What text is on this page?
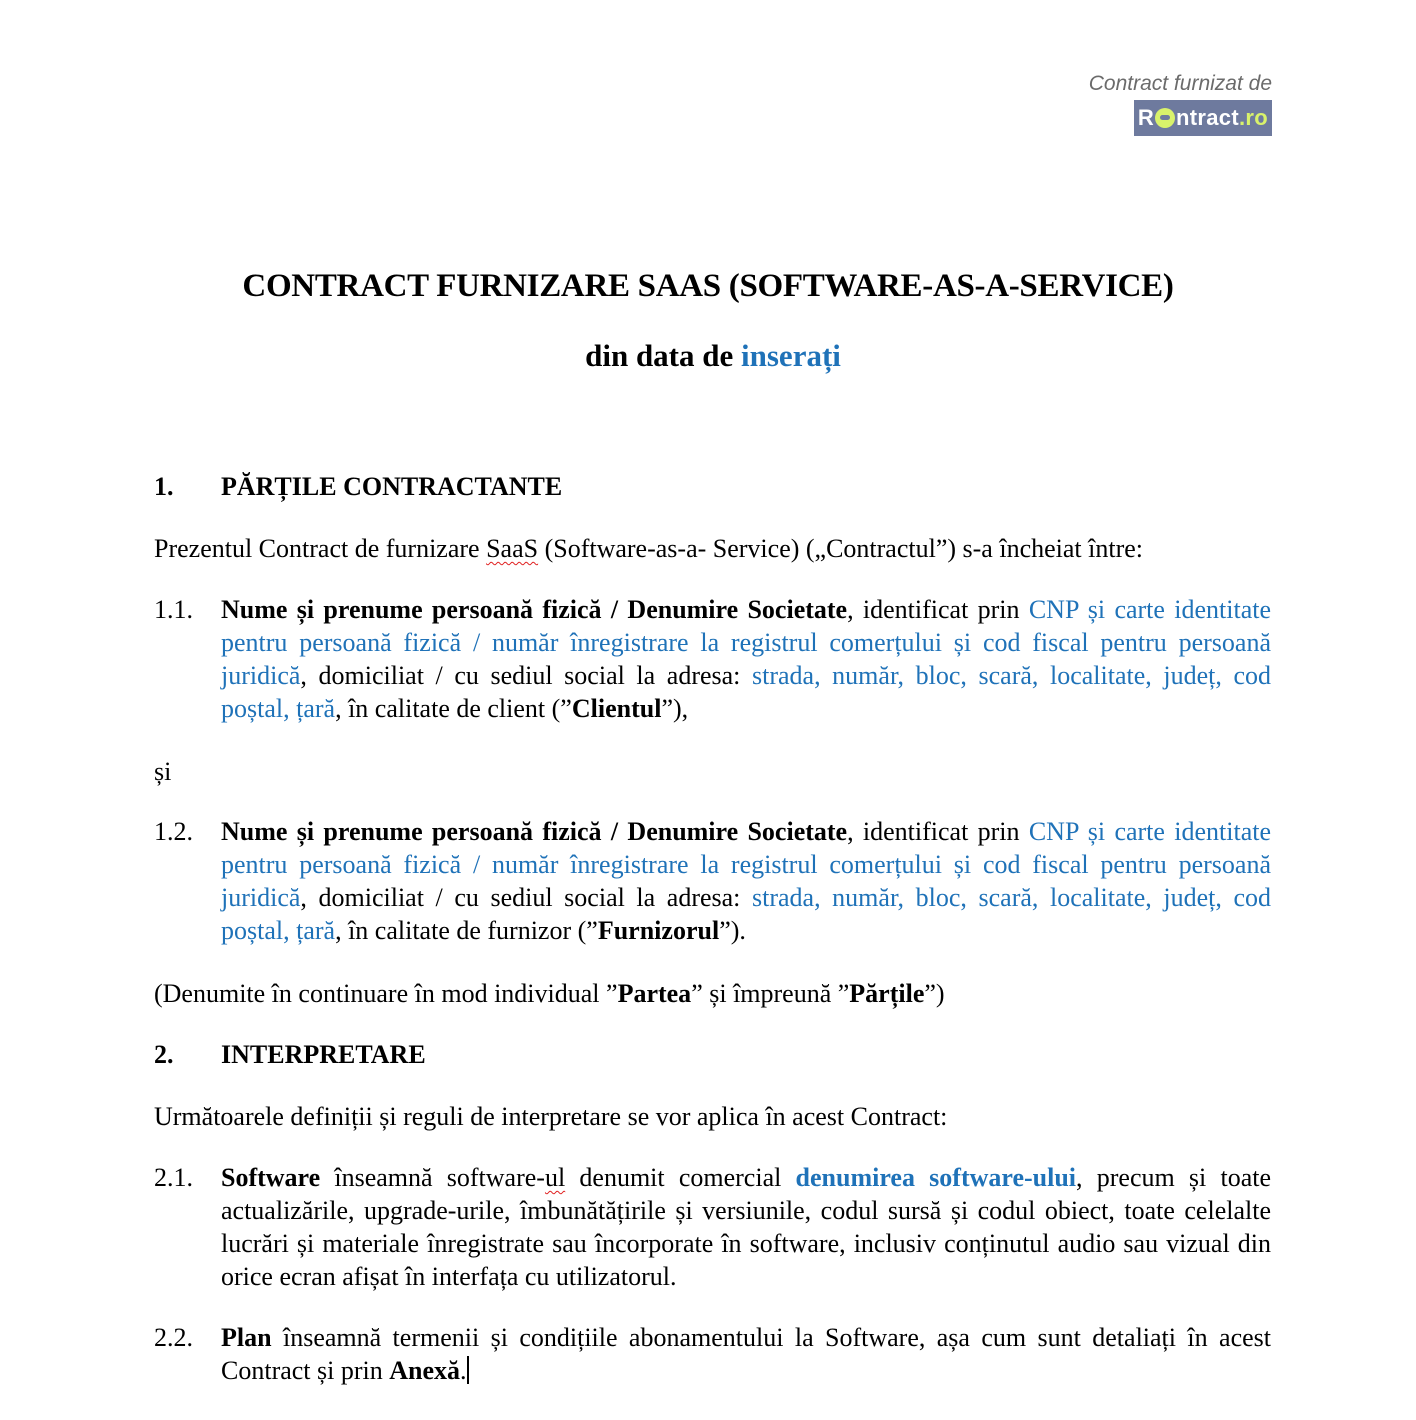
Contract furnizat de
R ntract.ro
CONTRACT FURNIZARE SAAS (SOFTWARE-AS-A-SERVICE)
din data de inserați
1. PĂRȚILE CONTRACTANTE
Prezentul Contract de furnizare SaaS (Software-as-a- Service) („Contractul”) s-a încheiat între:
1.1.	Nume și prenume persoană fizică / Denumire Societate, identificat prin CNP și carte identitate pentru persoană fizică / număr înregistrare la registrul comerțului și cod fiscal pentru persoană juridică, domiciliat / cu sediul social la adresa: strada, număr, bloc, scară, localitate, județ, cod poștal, țară, în calitate de client (”Clientul”),
și
1.2.	Nume și prenume persoană fizică / Denumire Societate, identificat prin CNP și carte identitate pentru persoană fizică / număr înregistrare la registrul comerțului și cod fiscal pentru persoană juridică, domiciliat / cu sediul social la adresa: strada, număr, bloc, scară, localitate, județ, cod poștal, țară, în calitate de furnizor (”Furnizorul”).
(Denumite în continuare în mod individual ”Partea” și împreună ”Părțile”)
2. INTERPRETARE
Următoarele definiții și reguli de interpretare se vor aplica în acest Contract:
2.1.	Software înseamnă software-ul denumit comercial denumirea software-ului, precum și toate actualizările, upgrade-urile, îmbunătățirile și versiunile, codul sursă și codul obiect, toate celelalte lucrări și materiale înregistrate sau încorporate în software, inclusiv conținutul audio sau vizual din orice ecran afișat în interfața cu utilizatorul.
2.2.	Plan înseamnă termenii și condițiile abonamentului la Software, așa cum sunt detaliați în acest Contract și prin Anexă.
